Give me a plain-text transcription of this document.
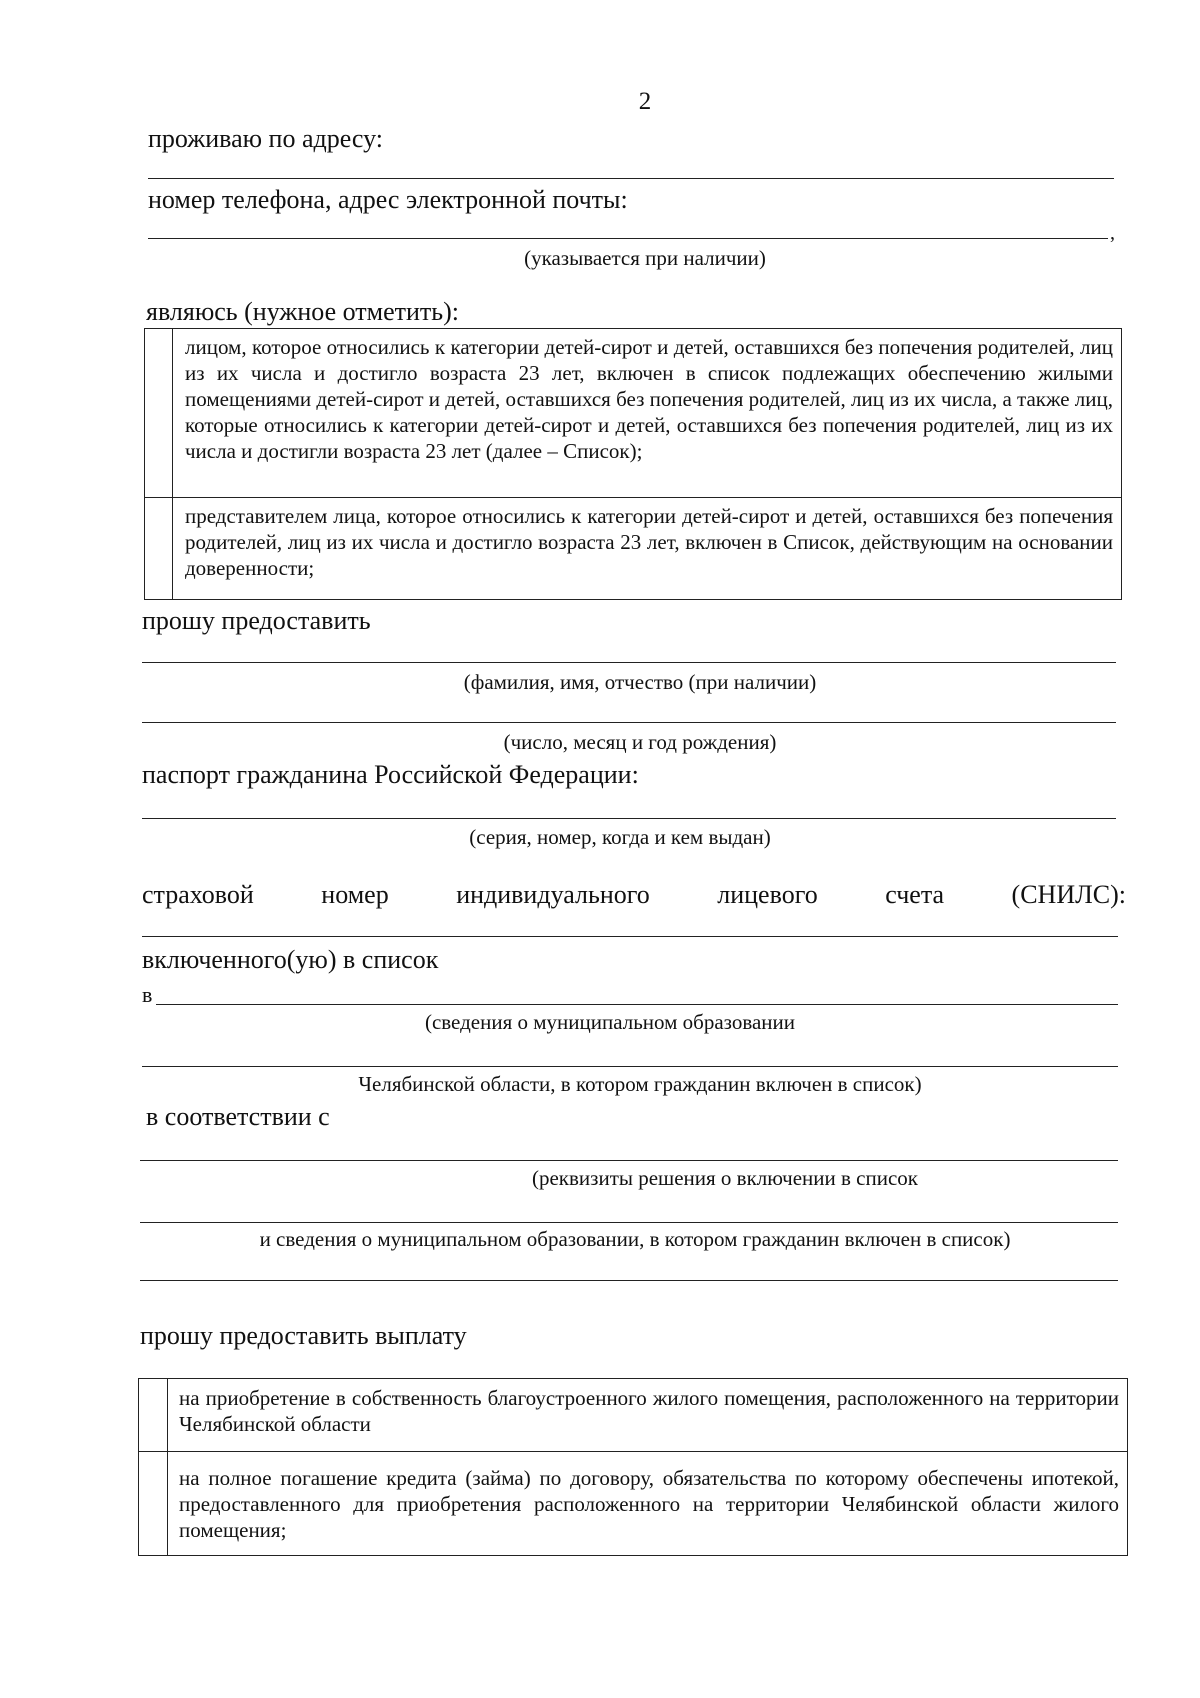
2
проживаю по адресу:
номер телефона, адрес электронной почты:
,
(указывается при наличии)
являюсь (нужное отметить):
лицом, которое относились к категории детей-сирот и детей, оставшихся без попечения родителей, лиц из их числа и достигло возраста 23 лет, включен в список подлежащих обеспечению жилыми помещениями детей-сирот и детей, оставшихся без попечения родителей, лиц из их числа, а также лиц, которые относились к категории детей-сирот и детей, оставшихся без попечения родителей, лиц из их числа и достигли возраста 23 лет (далее – Список);
представителем лица, которое относились к категории детей-сирот и детей, оставшихся без попечения родителей, лиц из их числа и достигло возраста 23 лет, включен в Список, действующим на основании доверенности;
прошу предоставить
(фамилия, имя, отчество (при наличии)
(число, месяц и год рождения)
паспорт гражданина Российской Федерации:
(серия, номер, когда и кем выдан)
страховой	номер	индивидуального	лицевого	счета	(СНИЛС):
включенного(ую) в список
в
(сведения о муниципальном образовании
Челябинской области, в котором гражданин включен в список)
в соответствии с
(реквизиты решения о включении в список
и сведения о муниципальном образовании, в котором гражданин включен в список)
прошу предоставить выплату
на приобретение в собственность благоустроенного жилого помещения, расположенного на территории Челябинской области
на полное погашение кредита (займа) по договору, обязательства по которому обеспечены ипотекой, предоставленного для приобретения расположенного на территории Челябинской области жилого помещения;
